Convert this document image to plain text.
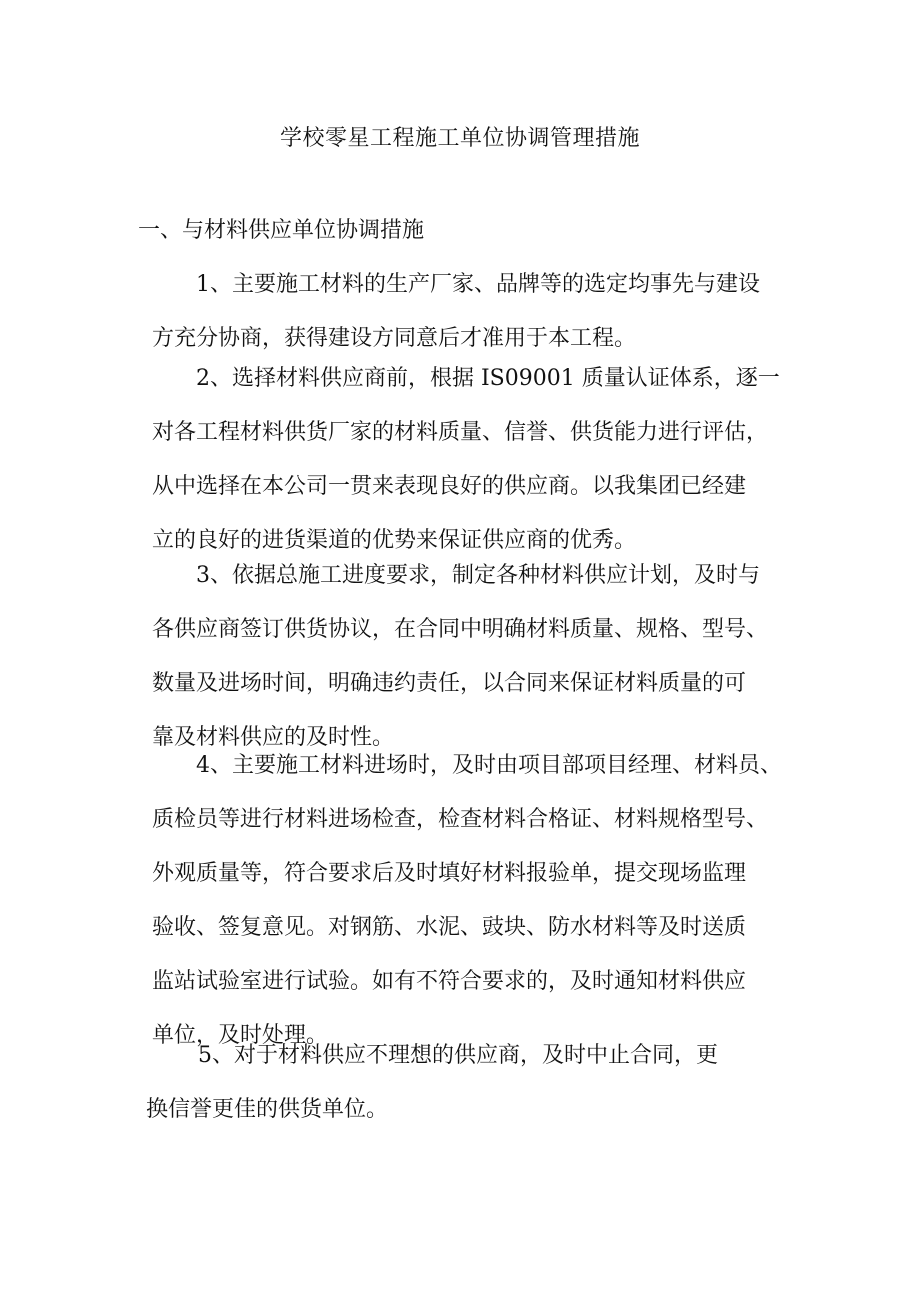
学校零星工程施工单位协调管理措施
一、与材料供应单位协调措施
1、主要施工材料的生产厂家、品牌等的选定均事先与建设
方充分协商，获得建设方同意后才准用于本工程。
2、选择材料供应商前，根据 IS09001 质量认证体系，逐一
对各工程材料供货厂家的材料质量、信誉、供货能力进行评估，
从中选择在本公司一贯来表现良好的供应商。以我集团已经建
立的良好的进货渠道的优势来保证供应商的优秀。
3、依据总施工进度要求，制定各种材料供应计划，及时与
各供应商签订供货协议，在合同中明确材料质量、规格、型号、
数量及进场时间，明确违约责任，以合同来保证材料质量的可
靠及材料供应的及时性。
4、主要施工材料进场时，及时由项目部项目经理、材料员、
质检员等进行材料进场检查，检查材料合格证、材料规格型号、
外观质量等，符合要求后及时填好材料报验单，提交现场监理
验收、签复意见。对钢筋、水泥、豉块、防水材料等及时送质
监站试验室进行试验。如有不符合要求的，及时通知材料供应
单位，及时处理。
5、对于材料供应不理想的供应商，及时中止合同，更
换信誉更佳的供货单位。
